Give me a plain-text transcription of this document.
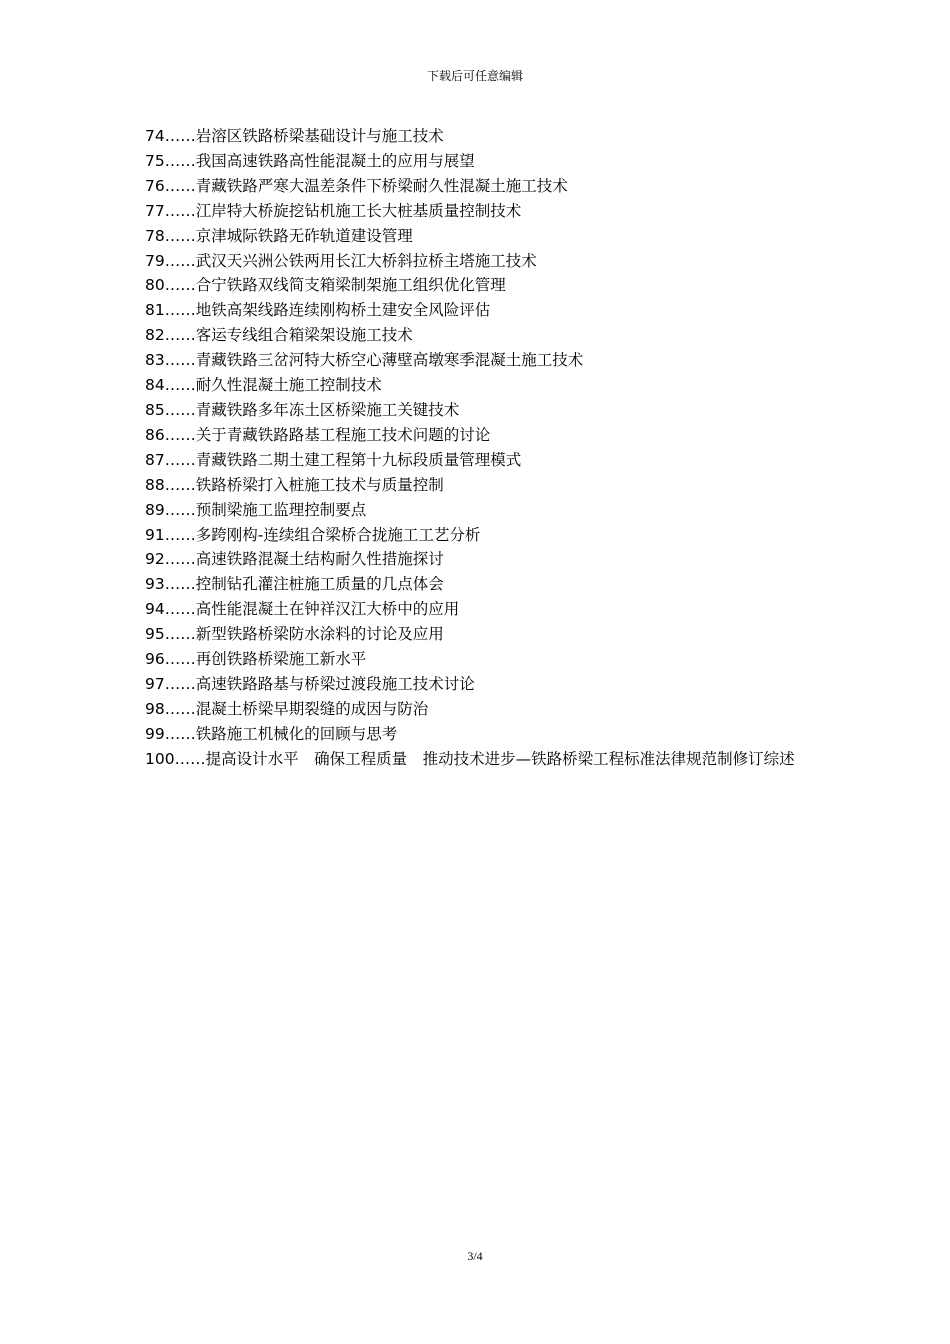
下载后可任意编辑
74……岩溶区铁路桥梁基础设计与施工技术
75……我国高速铁路高性能混凝土的应用与展望
76……青藏铁路严寒大温差条件下桥梁耐久性混凝土施工技术
77……江岸特大桥旋挖钻机施工长大桩基质量控制技术
78……京津城际铁路无砟轨道建设管理
79……武汉天兴洲公铁两用长江大桥斜拉桥主塔施工技术
80……合宁铁路双线简支箱梁制架施工组织优化管理
81……地铁高架线路连续刚构桥土建安全风险评估
82……客运专线组合箱梁架设施工技术
83……青藏铁路三岔河特大桥空心薄壁高墩寒季混凝土施工技术
84……耐久性混凝土施工控制技术
85……青藏铁路多年冻土区桥梁施工关键技术
86……关于青藏铁路路基工程施工技术问题的讨论
87……青藏铁路二期土建工程第十九标段质量管理模式
88……铁路桥梁打入桩施工技术与质量控制
89……预制梁施工监理控制要点
91……多跨刚构-连续组合梁桥合拢施工工艺分析
92……高速铁路混凝土结构耐久性措施探讨
93……控制钻孔灌注桩施工质量的几点体会
94……高性能混凝土在钟祥汉江大桥中的应用
95……新型铁路桥梁防水涂料的讨论及应用
96……再创铁路桥梁施工新水平
97……高速铁路路基与桥梁过渡段施工技术讨论
98……混凝土桥梁早期裂缝的成因与防治
99……铁路施工机械化的回顾与思考
100……提高设计水平　确保工程质量　推动技术进步—铁路桥梁工程标准法律规范制修订综述
3/4
